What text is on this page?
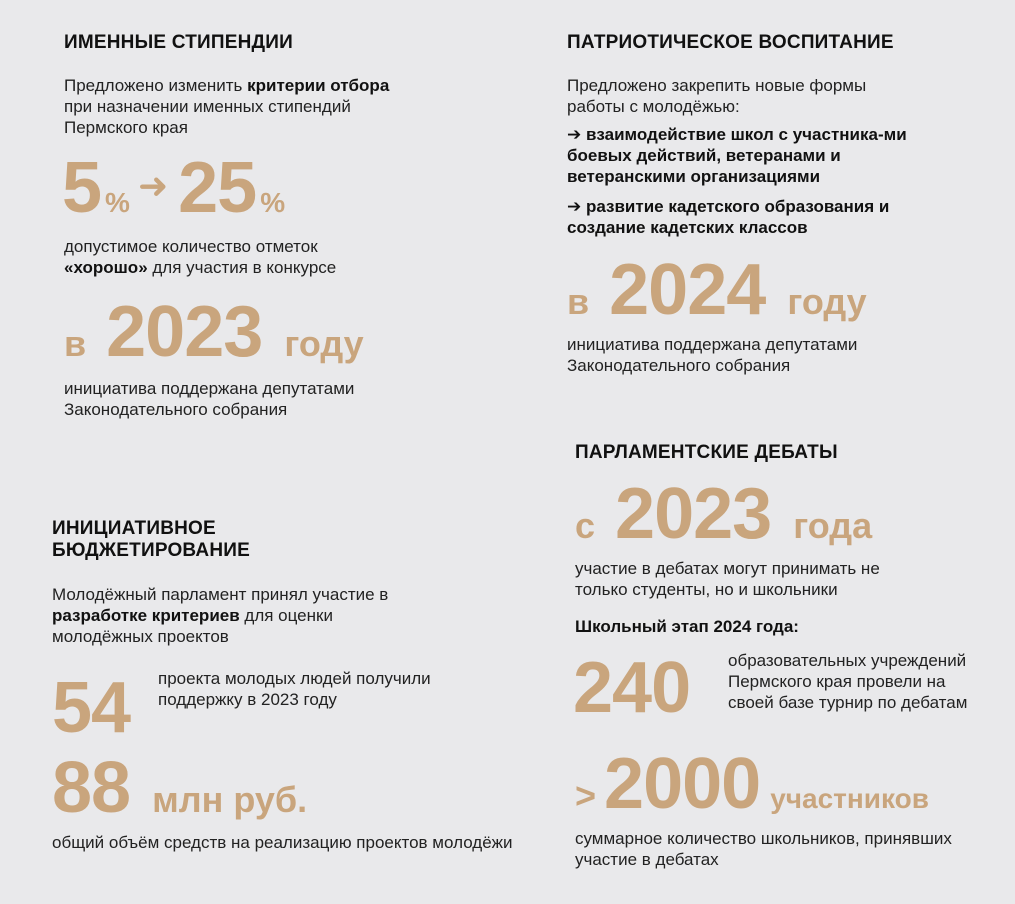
ИМЕННЫЕ СТИПЕНДИИ
Предложено изменить критерии отбора при назначении именных стипендий Пермского края
5 % ➜ 25 %
допустимое количество отметок «хорошо» для участия в конкурсе
в 2023 году
инициатива поддержана депутатами Законодательного собрания
ПАТРИОТИЧЕСКОЕ ВОСПИТАНИЕ
Предложено закрепить новые формы работы с молодёжью:
➔ взаимодействие школ с участника-ми боевых действий, ветеранами и ветеранскими организациями
➔ развитие кадетского образования и создание кадетских классов
в 2024 году
инициатива поддержана депутатами Законодательного собрания
ИНИЦИАТИВНОЕ БЮДЖЕТИРОВАНИЕ
Молодёжный парламент принял участие в разработке критериев для оценки молодёжных проектов
54 проекта молодых людей получили поддержку в 2023 году
88 млн руб.
общий объём средств на реализацию проектов молодёжи
ПАРЛАМЕНТСКИЕ ДЕБАТЫ
с 2023 года
участие в дебатах могут принимать не только студенты, но и школьники
Школьный этап 2024 года:
240 образовательных учреждений Пермского края провели на своей базе турнир по дебатам
> 2000 участников
суммарное количество школьников, принявших участие в дебатах
